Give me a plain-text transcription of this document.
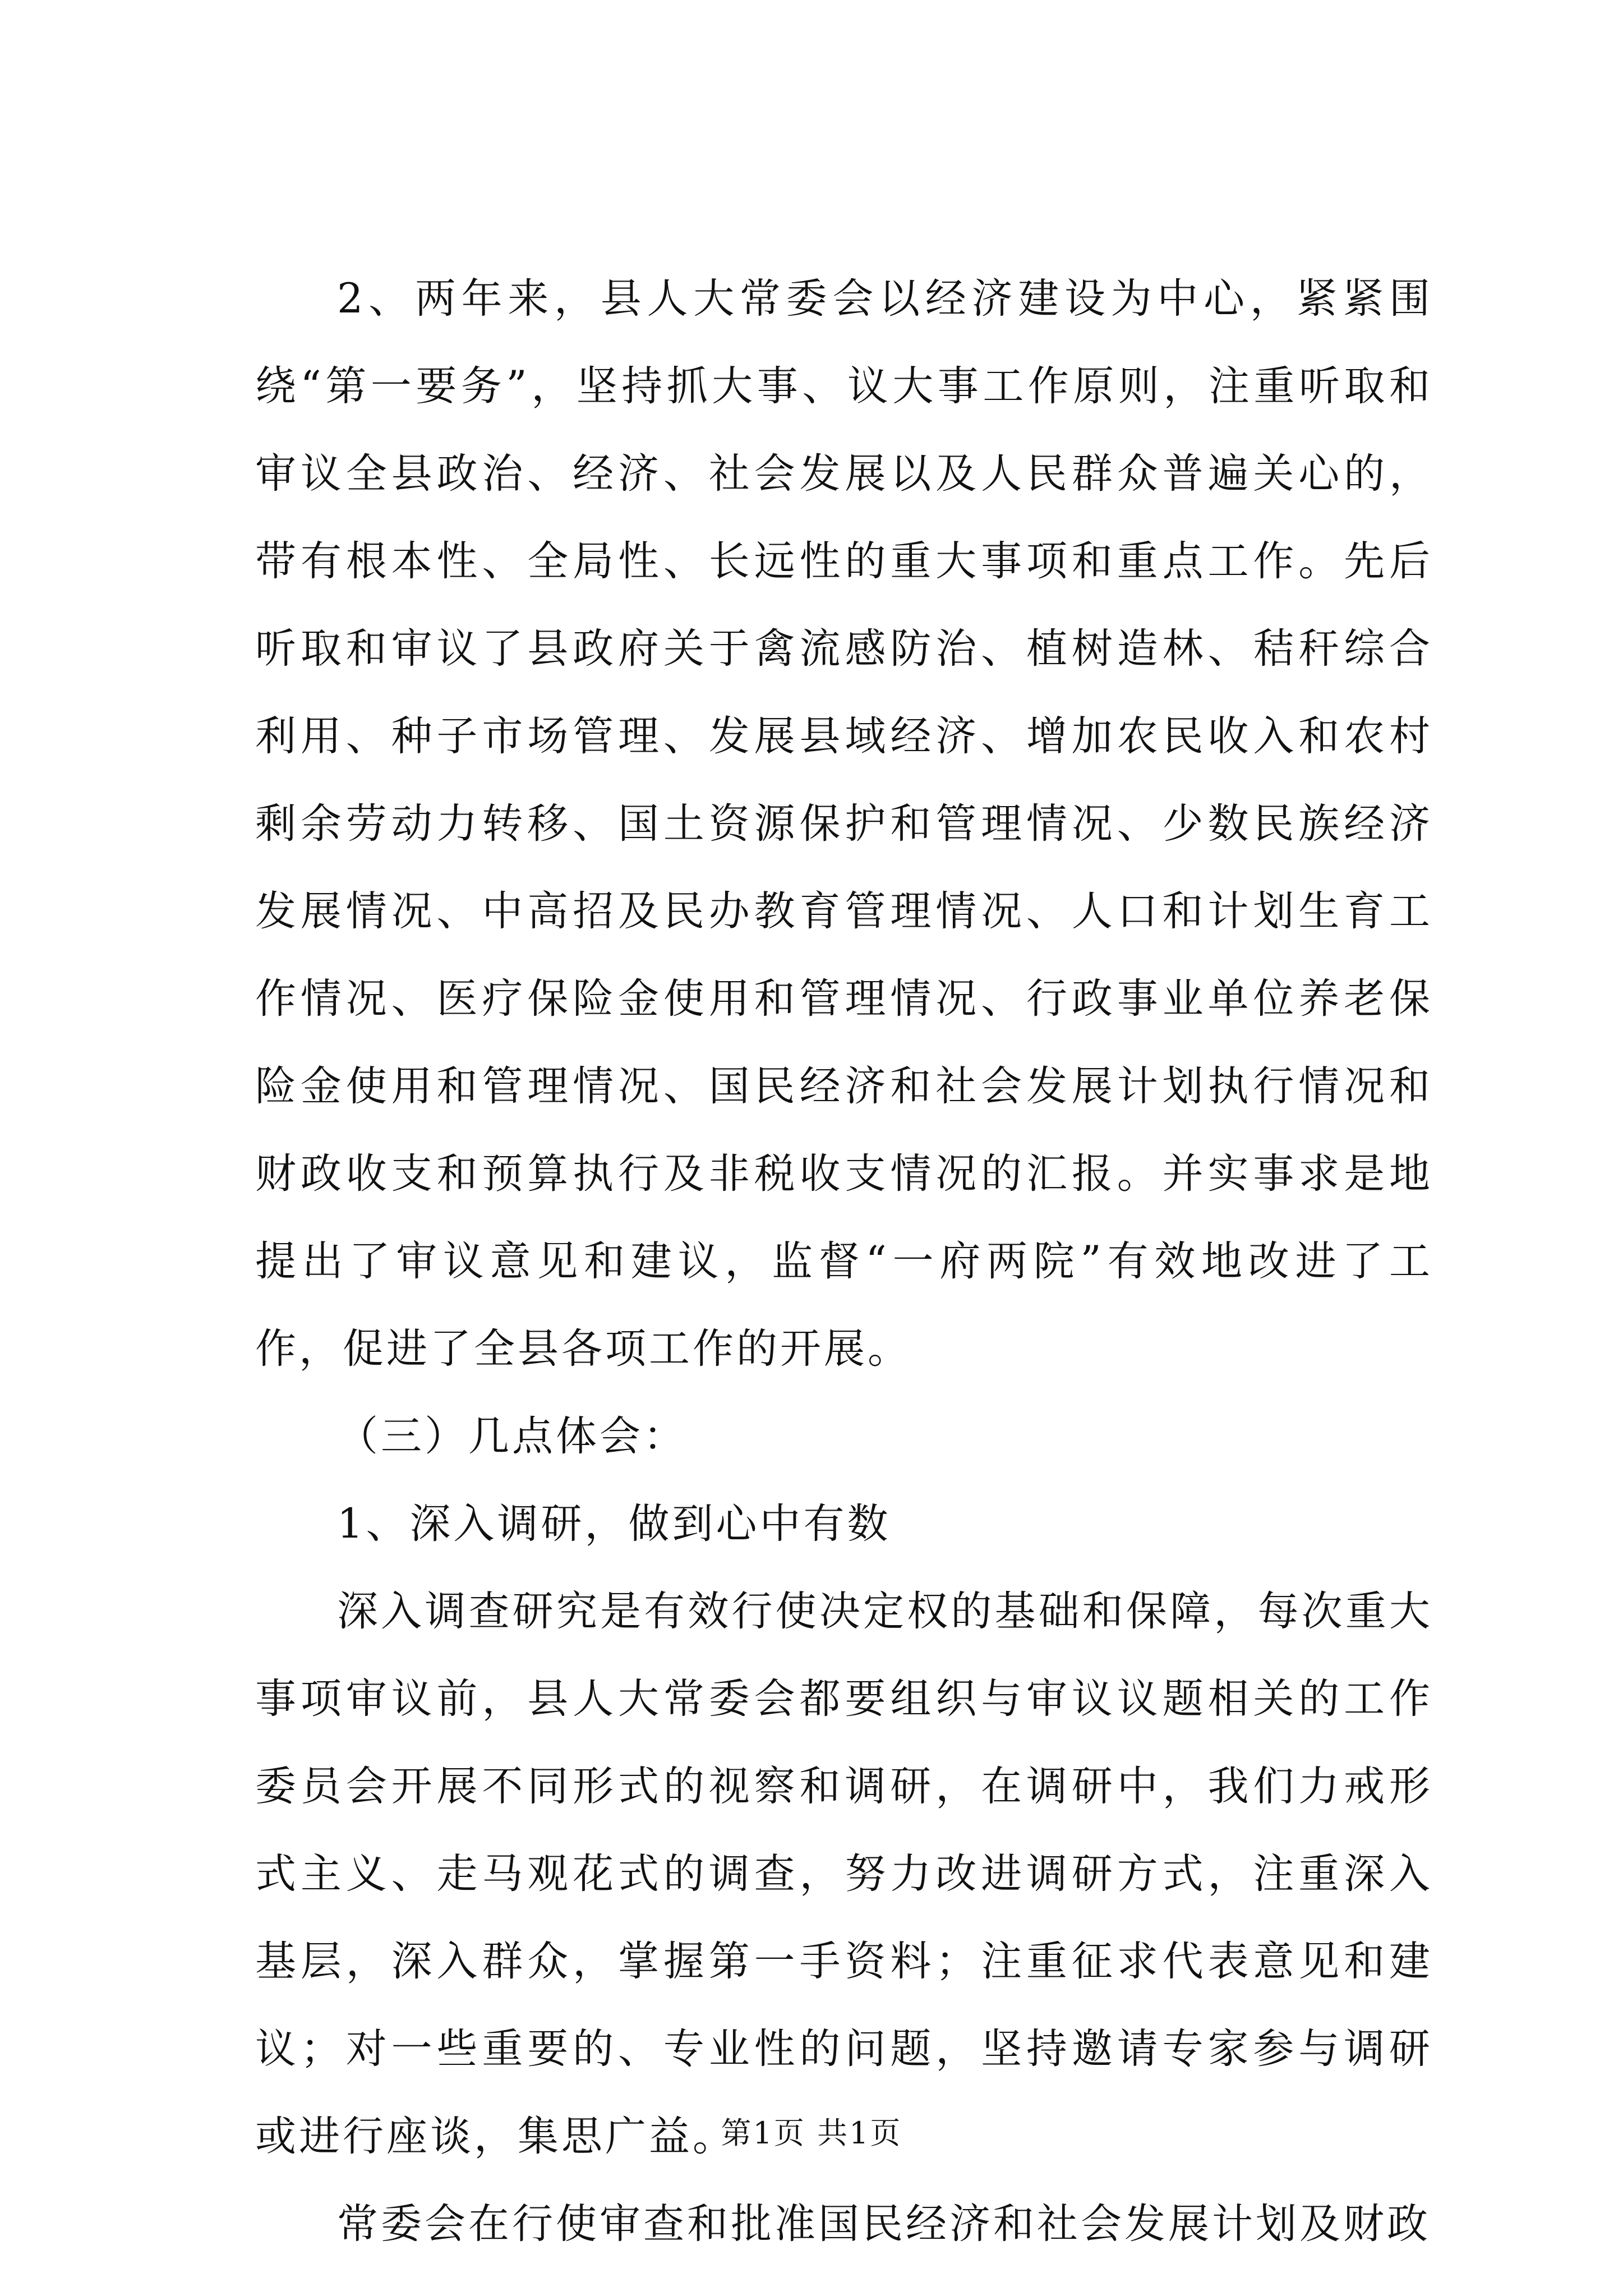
2、两年来，县人大常委会以经济建设为中心，紧紧围绕“第一要务”，坚持抓大事、议大事工作原则，注重听取和审议全县政治、经济、社会发展以及人民群众普遍关心的，带有根本性、全局性、长远性的重大事项和重点工作。先后听取和审议了县政府关于禽流感防治、植树造林、秸秆综合利用、种子市场管理、发展县域经济、增加农民收入和农村剩余劳动力转移、国土资源保护和管理情况、少数民族经济发展情况、中高招及民办教育管理情况、人口和计划生育工作情况、医疗保险金使用和管理情况、行政事业单位养老保险金使用和管理情况、国民经济和社会发展计划执行情况和财政收支和预算执行及非税收支情况的汇报。并实事求是地提出了审议意见和建议，监督“一府两院”有效地改进了工作，促进了全县各项工作的开展。

（三）几点体会：

1、深入调研，做到心中有数

深入调查研究是有效行使决定权的基础和保障，每次重大事项审议前，县人大常委会都要组织与审议议题相关的工作委员会开展不同形式的视察和调研，在调研中，我们力戒形式主义、走马观花式的调查，努力改进调研方式，注重深入基层，深入群众，掌握第一手资料；注重征求代表意见和建议；对一些重要的、专业性的问题，坚持邀请专家参与调研或进行座谈，集思广益。

常委会在行使审查和批准国民经济和社会发展计划及财政

第1页 共1页
